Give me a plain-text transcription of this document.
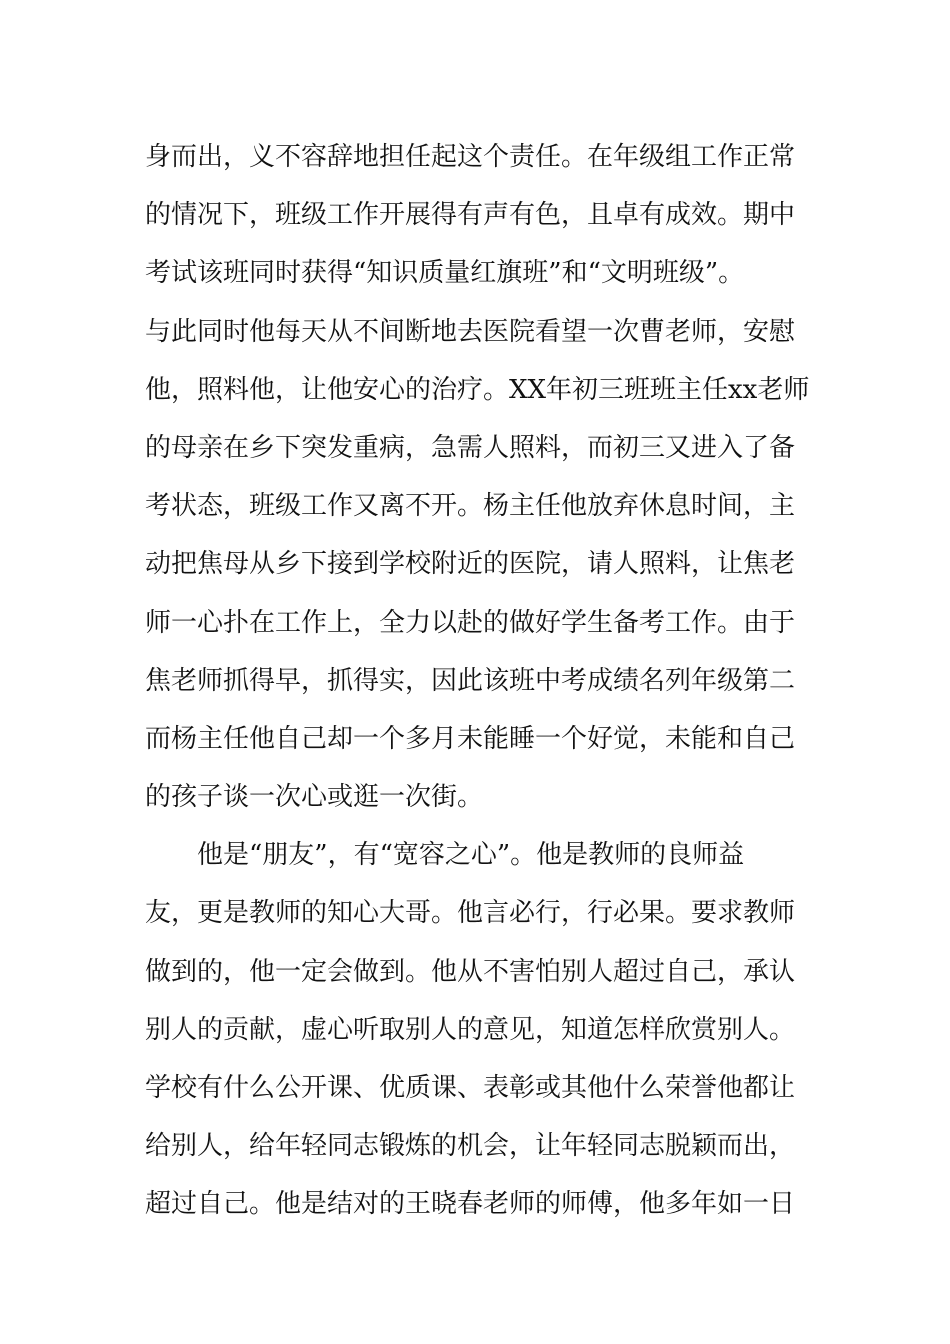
身而出，义不容辞地担任起这个责任。在年级组工作正常
的情况下，班级工作开展得有声有色，且卓有成效。期中
考试该班同时获得“知识质量红旗班”和“文明班级”。
与此同时他每天从不间断地去医院看望一次曹老师，安慰
他，照料他，让他安心的治疗。XX年初三班班主任xx老师
的母亲在乡下突发重病，急需人照料，而初三又进入了备
考状态，班级工作又离不开。杨主任他放弃休息时间，主
动把焦母从乡下接到学校附近的医院，请人照料，让焦老
师一心扑在工作上，全力以赴的做好学生备考工作。由于
焦老师抓得早，抓得实，因此该班中考成绩名列年级第二
而杨主任他自己却一个多月未能睡一个好觉，未能和自己
的孩子谈一次心或逛一次街。
他是“朋友”，有“宽容之心”。他是教师的良师益
友，更是教师的知心大哥。他言必行，行必果。要求教师
做到的，他一定会做到。他从不害怕别人超过自己，承认
别人的贡献，虚心听取别人的意见，知道怎样欣赏别人。
学校有什么公开课、优质课、表彰或其他什么荣誉他都让
给别人，给年轻同志锻炼的机会，让年轻同志脱颖而出，
超过自己。他是结对的王晓春老师的师傅，他多年如一日
